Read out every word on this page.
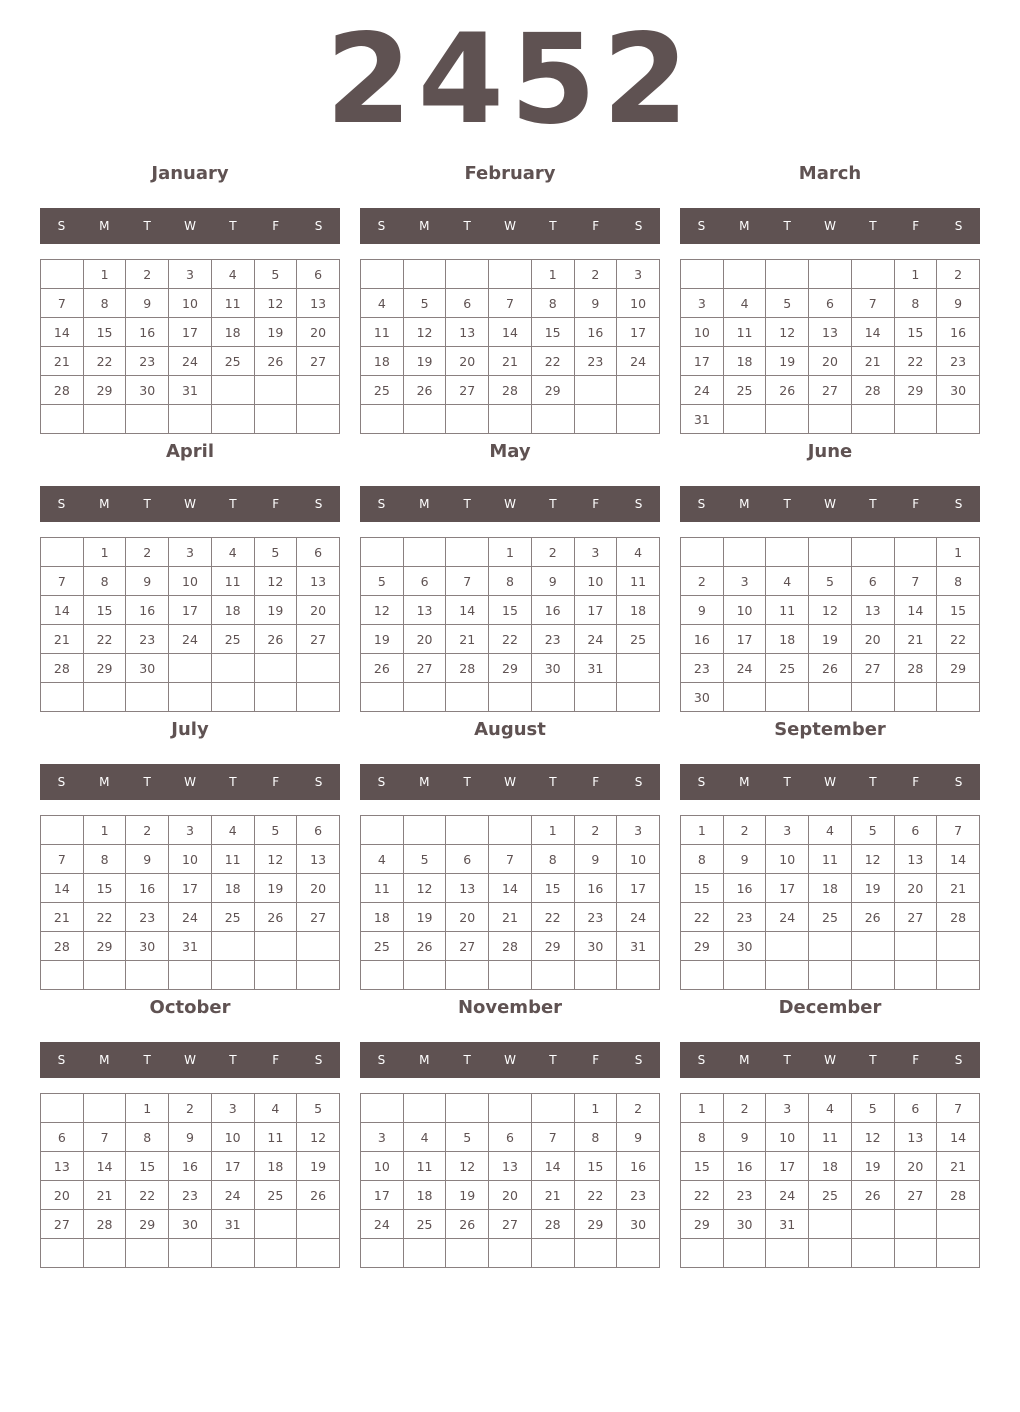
2452
January
S	M	T	W	T	F	S
	1	2	3	4	5	6
7	8	9	10	11	12	13
14	15	16	17	18	19	20
21	22	23	24	25	26	27
28	29	30	31			

February
S	M	T	W	T	F	S
				1	2	3
4	5	6	7	8	9	10
11	12	13	14	15	16	17
18	19	20	21	22	23	24
25	26	27	28	29		

March
S	M	T	W	T	F	S
					1	2
3	4	5	6	7	8	9
10	11	12	13	14	15	16
17	18	19	20	21	22	23
24	25	26	27	28	29	30
31						
April
S	M	T	W	T	F	S
	1	2	3	4	5	6
7	8	9	10	11	12	13
14	15	16	17	18	19	20
21	22	23	24	25	26	27
28	29	30				

May
S	M	T	W	T	F	S
			1	2	3	4
5	6	7	8	9	10	11
12	13	14	15	16	17	18
19	20	21	22	23	24	25
26	27	28	29	30	31	

June
S	M	T	W	T	F	S
						1
2	3	4	5	6	7	8
9	10	11	12	13	14	15
16	17	18	19	20	21	22
23	24	25	26	27	28	29
30						
July
S	M	T	W	T	F	S
	1	2	3	4	5	6
7	8	9	10	11	12	13
14	15	16	17	18	19	20
21	22	23	24	25	26	27
28	29	30	31			

August
S	M	T	W	T	F	S
				1	2	3
4	5	6	7	8	9	10
11	12	13	14	15	16	17
18	19	20	21	22	23	24
25	26	27	28	29	30	31

September
S	M	T	W	T	F	S
1	2	3	4	5	6	7
8	9	10	11	12	13	14
15	16	17	18	19	20	21
22	23	24	25	26	27	28
29	30					

October
S	M	T	W	T	F	S
		1	2	3	4	5
6	7	8	9	10	11	12
13	14	15	16	17	18	19
20	21	22	23	24	25	26
27	28	29	30	31		

November
S	M	T	W	T	F	S
					1	2
3	4	5	6	7	8	9
10	11	12	13	14	15	16
17	18	19	20	21	22	23
24	25	26	27	28	29	30

December
S	M	T	W	T	F	S
1	2	3	4	5	6	7
8	9	10	11	12	13	14
15	16	17	18	19	20	21
22	23	24	25	26	27	28
29	30	31				
